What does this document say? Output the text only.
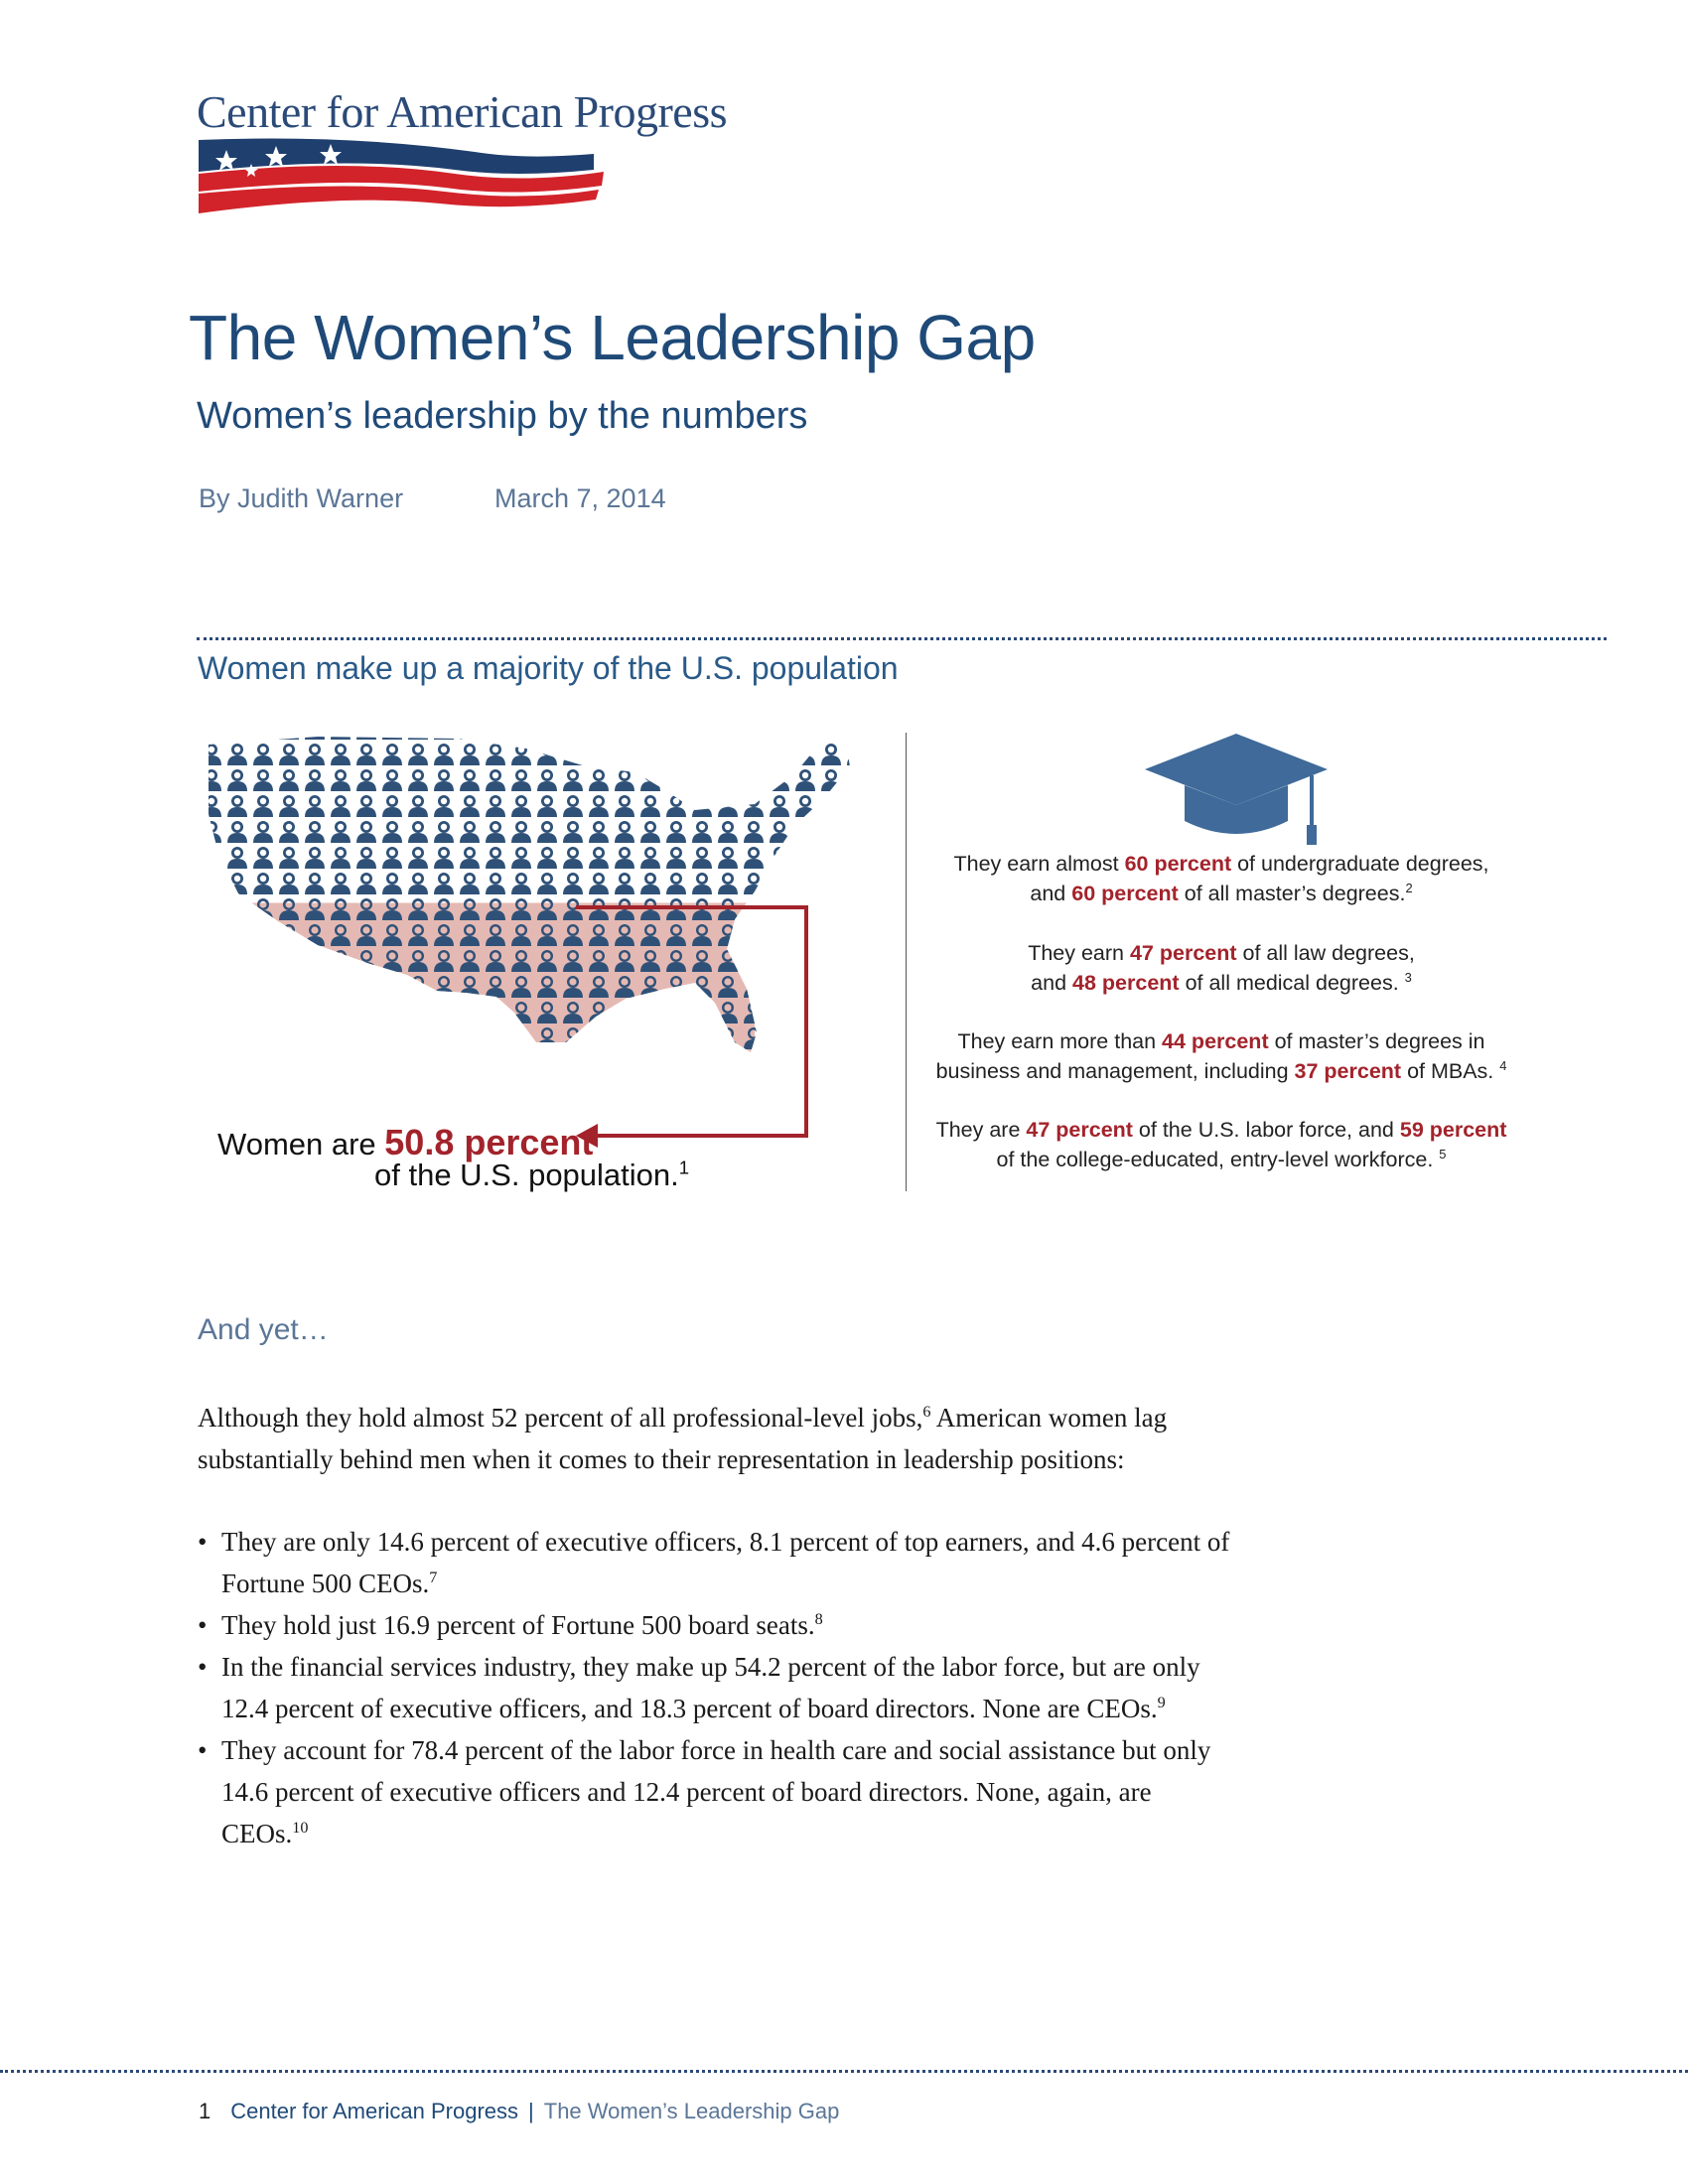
Center for American Progress
The Women’s Leadership Gap
Women’s leadership by the numbers
By Judith Warner	March 7, 2014
Women make up a majority of the U.S. population
Women are 50.8 percent
of the U.S. population.$^1$
They earn almost 60 percent of undergraduate degrees,
and 60 percent of all master’s degrees.$^2$
They earn 47 percent of all law degrees,
and 48 percent of all medical degrees. $^3$
They earn more than 44 percent of master’s degrees in
business and management, including 37 percent of MBAs. $^4$
They are 47 percent of the U.S. labor force, and 59 percent
of the college-educated, entry-level workforce. $^5$
And yet…
Although they hold almost 52 percent of all professional-level jobs,$^6$ American women lag substantially behind men when it comes to their representation in leadership positions:
• They are only 14.6 percent of executive officers, 8.1 percent of top earners, and 4.6 percent of Fortune 500 CEOs.$^7$
• They hold just 16.9 percent of Fortune 500 board seats.$^8$
• In the financial services industry, they make up 54.2 percent of the labor force, but are only 12.4 percent of executive officers, and 18.3 percent of board directors. None are CEOs.$^9$
• They account for 78.4 percent of the labor force in health care and social assistance but only 14.6 percent of executive officers and 12.4 percent of board directors. None, again, are CEOs.$^{10}$
1 Center for American Progress | The Women’s Leadership Gap
